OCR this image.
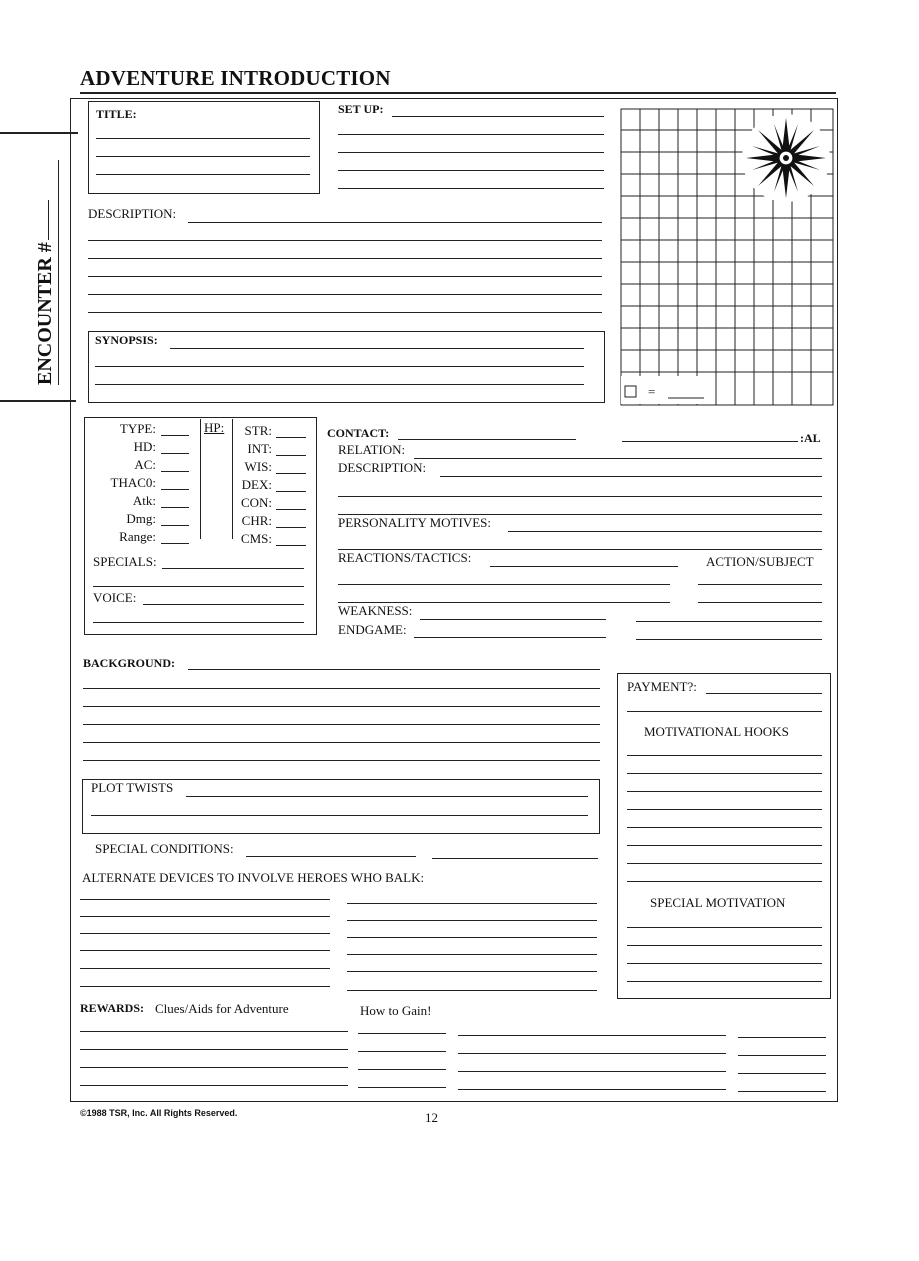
ADVENTURE INTRODUCTION
ENCOUNTER #
TITLE:	SET UP:
DESCRIPTION:
SYNOPSIS:
=
HP:
TYPE:
HD:
AC:
THAC0:
Atk:
Dmg:
Range:
STR:
INT:
WIS:
DEX:
CON:
CHR:
CMS:
SPECIALS:
VOICE:
CONTACT:	:AL
RELATION:
DESCRIPTION:
PERSONALITY MOTIVES:
REACTIONS/TACTICS:	ACTION/SUBJECT
WEAKNESS:
ENDGAME:
BACKGROUND:
PAYMENT?:
MOTIVATIONAL HOOKS
SPECIAL MOTIVATION
PLOT TWISTS
SPECIAL CONDITIONS:
ALTERNATE DEVICES TO INVOLVE HEROES WHO BALK:
REWARDS: Clues/Aids for Adventure	How to Gain!
©1988 TSR, Inc. All Rights Reserved.	12
